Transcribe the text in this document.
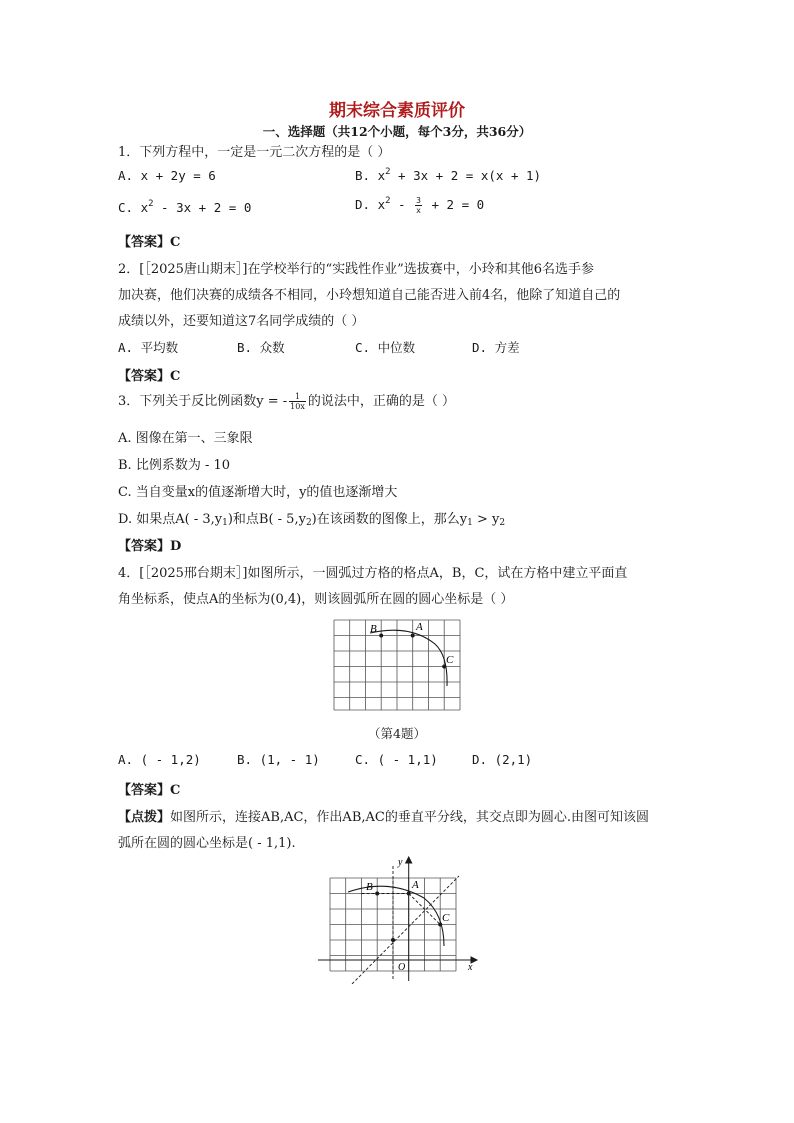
期末综合素质评价
一、选择题（共12个小题，每个3分，共36分）
1．下列方程中，一定是一元二次方程的是（ ）
A. x + 2y = 6	B. $x^2 + 3x + 2 = x(x + 1)$
C. $x^2 - 3x + 2 = 0$	D. $x^2 - \frac{3}{x} + 2 = 0$
【答案】C
2．[［2025唐山期末］]在学校举行的“实践性作业”选拔赛中，小玲和其他6名选手参
加决赛，他们决赛的成绩各不相同，小玲想知道自己能否进入前4名，他除了知道自己的
成绩以外，还要知道这7名同学成绩的（ ）
A. 平均数	B. 众数	C. 中位数	D. 方差
【答案】C
3．下列关于反比例函数y = - $\frac{1}{10x}$ 的说法中，正确的是（ ）
A. 图像在第一、三象限
B. 比例系数为 - 10
C. 当自变量x的值逐渐增大时，y的值也逐渐增大
D. 如果点$A( - 3,y_1)$和点$B( - 5,y_2)$在该函数的图像上，那么$y_1 > y_2$
【答案】D
4．[［2025邢台期末］]如图所示，一圆弧过方格的格点A，B，C，试在方格中建立平面直
角坐标系，使点A的坐标为(0,4)，则该圆弧所在圆的圆心坐标是（ ）
B	A
C
（第4题）
A. ( - 1,2)	B. (1, - 1)	C. ( - 1,1)	D. (2,1)
【答案】C
【点拨】如图所示，连接AB,AC，作出AB,AC的垂直平分线，其交点即为圆心.由图可知该圆
弧所在圆的圆心坐标是( - 1,1).
x
y
O
B	A
C
